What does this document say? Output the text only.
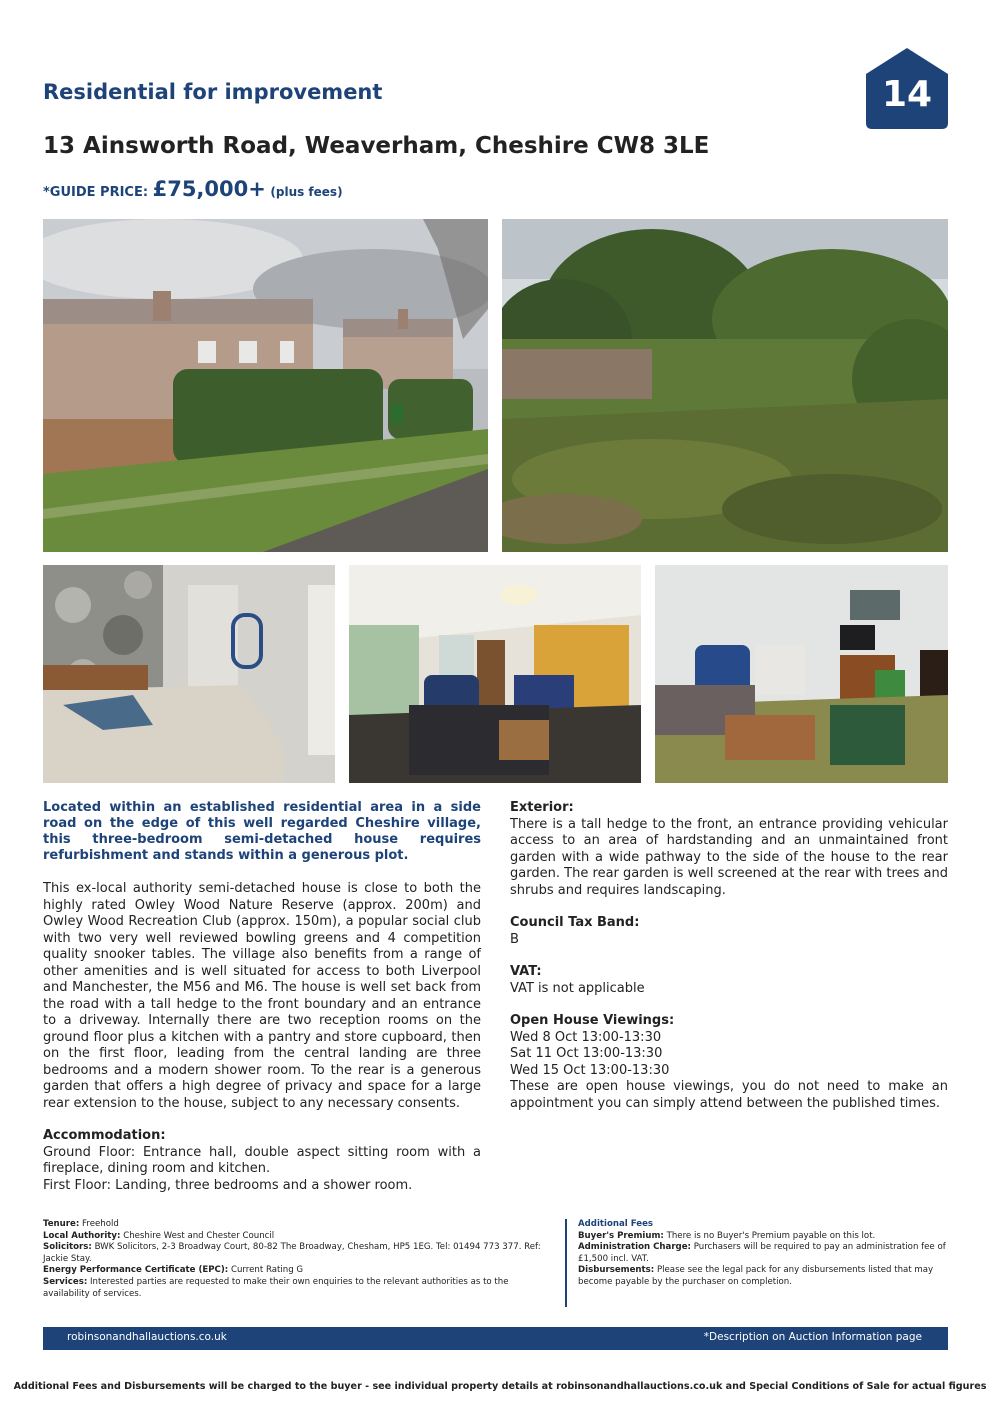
Residential for improvement
13 Ainsworth Road, Weaverham, Cheshire CW8 3LE
*GUIDE PRICE: £75,000+ (plus fees)
14
Located within an established residential area in a side road on the edge of this well regarded Cheshire village, this three-bedroom semi-detached house requires refurbishment and stands within a generous plot.
This ex-local authority semi-detached house is close to both the highly rated Owley Wood Nature Reserve (approx. 200m) and Owley Wood Recreation Club (approx. 150m), a popular social club with two very well reviewed bowling greens and 4 competition quality snooker tables. The village also benefits from a range of other amenities and is well situated for access to both Liverpool and Manchester, the M56 and M6. The house is well set back from the road with a tall hedge to the front boundary and an entrance to a driveway. Internally there are two reception rooms on the ground floor plus a kitchen with a pantry and store cupboard, then on the first floor, leading from the central landing are three bedrooms and a modern shower room. To the rear is a generous garden that offers a high degree of privacy and space for a large rear extension to the house, subject to any necessary consents.
Accommodation:
Ground Floor: Entrance hall, double aspect sitting room with a fireplace, dining room and kitchen.
First Floor: Landing, three bedrooms and a shower room.
Exterior:
There is a tall hedge to the front, an entrance providing vehicular access to an area of hardstanding and an unmaintained front garden with a wide pathway to the side of the house to the rear garden. The rear garden is well screened at the rear with trees and shrubs and requires landscaping.
Council Tax Band:
B
VAT:
VAT is not applicable
Open House Viewings:
Wed 8 Oct 13:00-13:30
Sat 11 Oct 13:00-13:30
Wed 15 Oct 13:00-13:30
These are open house viewings, you do not need to make an appointment you can simply attend between the published times.
Tenure: Freehold
Local Authority: Cheshire West and Chester Council
Solicitors: BWK Solicitors, 2-3 Broadway Court, 80-82 The Broadway, Chesham, HP5 1EG. Tel: 01494 773 377. Ref: Jackie Stay.
Energy Performance Certificate (EPC): Current Rating G
Services: Interested parties are requested to make their own enquiries to the relevant authorities as to the availability of services.
Additional Fees
Buyer's Premium: There is no Buyer's Premium payable on this lot.
Administration Charge: Purchasers will be required to pay an administration fee of £1,500 incl. VAT.
Disbursements: Please see the legal pack for any disbursements listed that may become payable by the purchaser on completion.
robinsonandhallauctions.co.uk	*Description on Auction Information page
Additional Fees and Disbursements will be charged to the buyer - see individual property details at robinsonandhallauctions.co.uk and Special Conditions of Sale for actual figures
